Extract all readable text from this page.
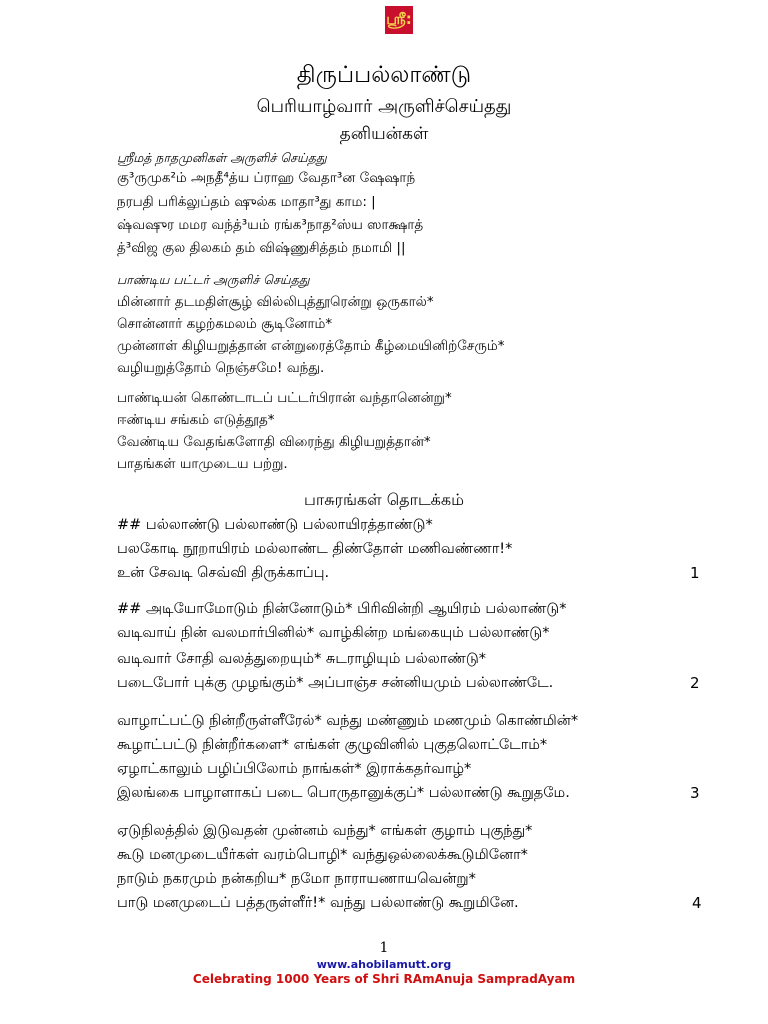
ஸ்ரீ:
திருப்பல்லாண்டு
பெரியாழ்வார் அருளிச்செய்தது
தனியன்கள்
ஸ்ரீமத் நாதமுனிகள் அருளிச் செய்தது
கு³ருமுக²ம் அநதீ⁴த்ய ப்ராஹ வேதா³ன ஷேஷாந்
நரபதி பரிக்லுப்தம் ஷுல்க மாதா³து காம: |
ஷ்வஷுர மமர வந்த்³யம் ரங்க³நாத²ஸ்ய ஸாக்ஷாத்
த்³விஜ குல திலகம் தம் விஷ்ணுசித்தம் நமாமி ||
பாண்டிய பட்டர் அருளிச் செய்தது
மின்னார் தடமதிள்சூழ் வில்லிபுத்தூரென்று ஒருகால்*
சொன்னார் கழற்கமலம் சூடினோம்*
முன்னாள் கிழியறுத்தான் என்றுரைத்தோம் கீழ்மையினிற்சேரும்*
வழியறுத்தோம் நெஞ்சமே! வந்து.
பாண்டியன் கொண்டாடப் பட்டர்பிரான் வந்தானென்று*
ஈண்டிய சங்கம் எடுத்தூத*
வேண்டிய வேதங்களோதி விரைந்து கிழியறுத்தான்*
பாதங்கள் யாமுடைய பற்று.
பாசுரங்கள் தொடக்கம்
## பல்லாண்டு பல்லாண்டு பல்லாயிரத்தாண்டு*
பலகோடி நூறாயிரம் மல்லாண்ட திண்தோள் மணிவண்ணா!*
உன் சேவடி செவ்வி திருக்காப்பு.	1
## அடியோமோடும் நின்னோடும்* பிரிவின்றி ஆயிரம் பல்லாண்டு*
வடிவாய் நின் வலமார்பினில்* வாழ்கின்ற மங்கையும் பல்லாண்டு*
வடிவார் சோதி வலத்துறையும்* சுடராழியும் பல்லாண்டு*
படைபோர் புக்கு முழங்கும்* அப்பாஞ்ச சன்னியமும் பல்லாண்டே.	2
வாழாட்பட்டு நின்றீருள்ளீரேல்* வந்து மண்ணும் மணமும் கொண்மின்*
கூழாட்பட்டு நின்றீர்களை* எங்கள் குழுவினில் புகுதலொட்டோம்*
ஏழாட்காலும் பழிப்பிலோம் நாங்கள்* இராக்கதர்வாழ்*
இலங்கை பாழாளாகப் படை பொருதானுக்குப்* பல்லாண்டு கூறுதமே.	3
ஏடுநிலத்தில் இடுவதன் முன்னம் வந்து* எங்கள் குழாம் புகுந்து*
கூடு மனமுடையீர்கள் வரம்பொழி* வந்துஒல்லைக்கூடுமினோ*
நாடும் நகரமும் நன்கறிய* நமோ நாராயணாயவென்று*
பாடு மனமுடைப் பத்தருள்ளீர்!* வந்து பல்லாண்டு கூறுமினே.	4
1
www.ahobilamutt.org
Celebrating 1000 Years of Shri RAmAnuja SampradAyam
